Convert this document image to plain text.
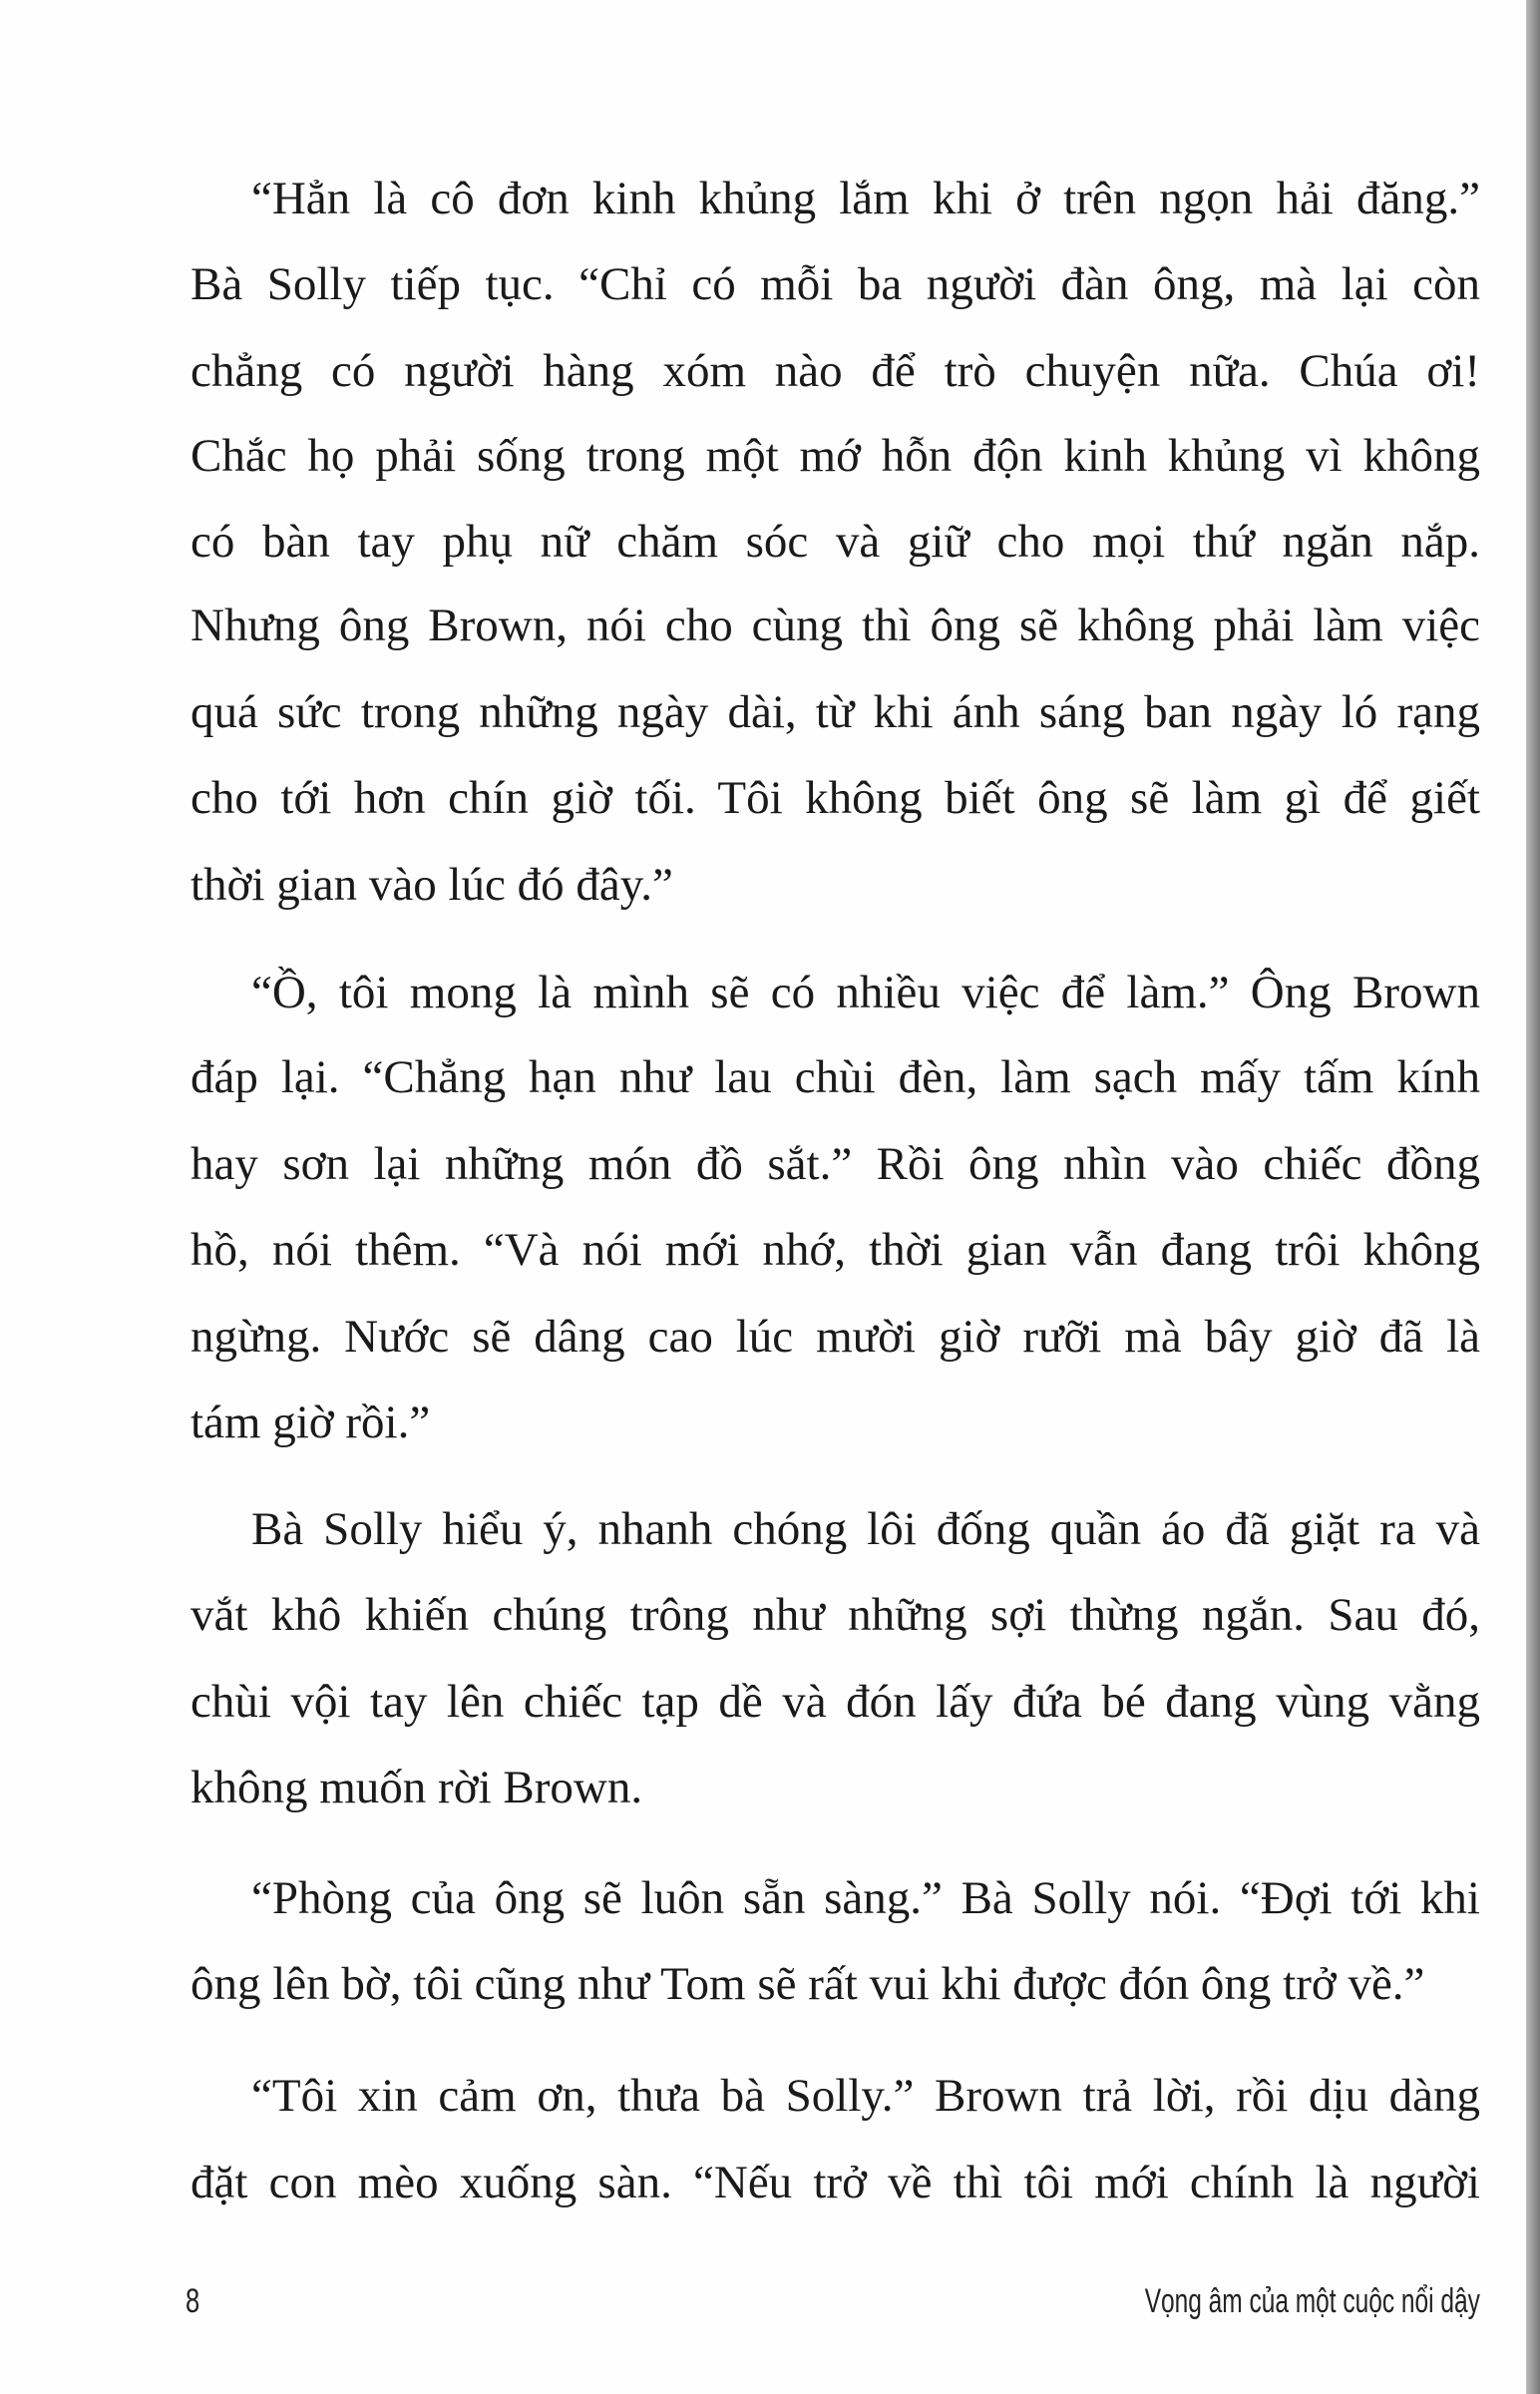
“Hẳn là cô đơn kinh khủng lắm khi ở trên ngọn hải đăng.”
Bà Solly tiếp tục. “Chỉ có mỗi ba người đàn ông, mà lại còn
chẳng có người hàng xóm nào để trò chuyện nữa. Chúa ơi!
Chắc họ phải sống trong một mớ hỗn độn kinh khủng vì không
có bàn tay phụ nữ chăm sóc và giữ cho mọi thứ ngăn nắp.
Nhưng ông Brown, nói cho cùng thì ông sẽ không phải làm việc
quá sức trong những ngày dài, từ khi ánh sáng ban ngày ló rạng
cho tới hơn chín giờ tối. Tôi không biết ông sẽ làm gì để giết
thời gian vào lúc đó đây.”
“Ồ, tôi mong là mình sẽ có nhiều việc để làm.” Ông Brown
đáp lại. “Chẳng hạn như lau chùi đèn, làm sạch mấy tấm kính
hay sơn lại những món đồ sắt.” Rồi ông nhìn vào chiếc đồng
hồ, nói thêm. “Và nói mới nhớ, thời gian vẫn đang trôi không
ngừng. Nước sẽ dâng cao lúc mười giờ rưỡi mà bây giờ đã là
tám giờ rồi.”
Bà Solly hiểu ý, nhanh chóng lôi đống quần áo đã giặt ra và
vắt khô khiến chúng trông như những sợi thừng ngắn. Sau đó,
chùi vội tay lên chiếc tạp dề và đón lấy đứa bé đang vùng vằng
không muốn rời Brown.
“Phòng của ông sẽ luôn sẵn sàng.” Bà Solly nói. “Đợi tới khi
ông lên bờ, tôi cũng như Tom sẽ rất vui khi được đón ông trở về.”
“Tôi xin cảm ơn, thưa bà Solly.” Brown trả lời, rồi dịu dàng
đặt con mèo xuống sàn. “Nếu trở về thì tôi mới chính là người
8	Vọng âm của một cuộc nổi dậy
